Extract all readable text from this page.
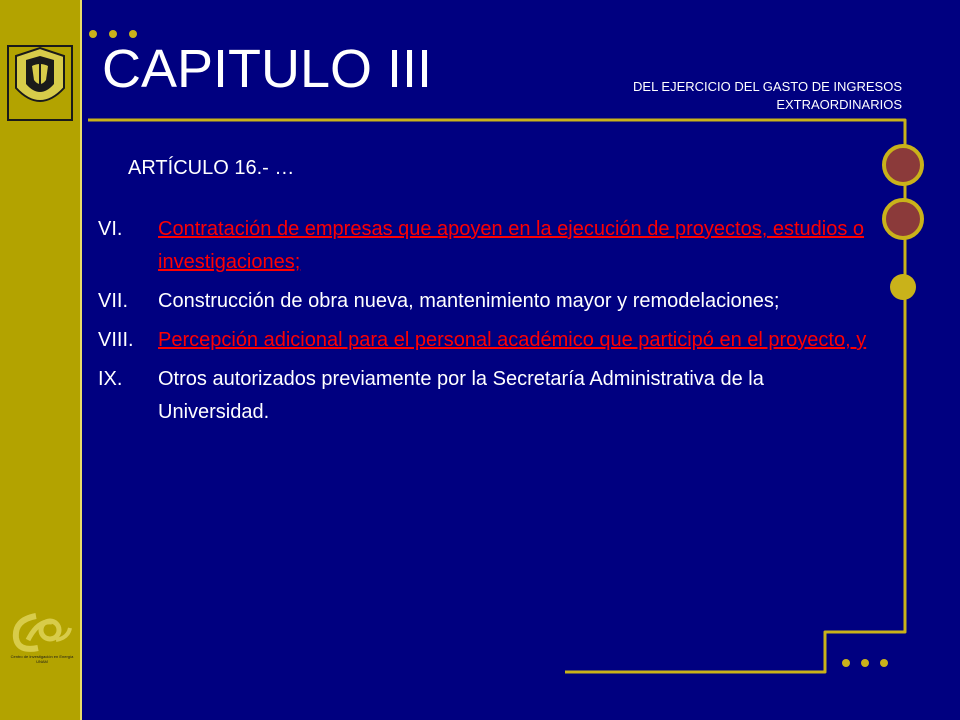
Centro de Investigación en Energía
UNAM
CAPITULO III	DEL EJERCICIO DEL GASTO DE INGRESOS
EXTRAORDINARIOS
ARTÍCULO 16.- …
VI.	Contratación de empresas que apoyen en la ejecución de proyectos, estudios o investigaciones;
VII.	Construcción de obra nueva, mantenimiento mayor y remodelaciones;
VIII.	Percepción adicional para el personal académico que participó en el proyecto, y
IX.	Otros autorizados previamente por la Secretaría Administrativa de la Universidad.
